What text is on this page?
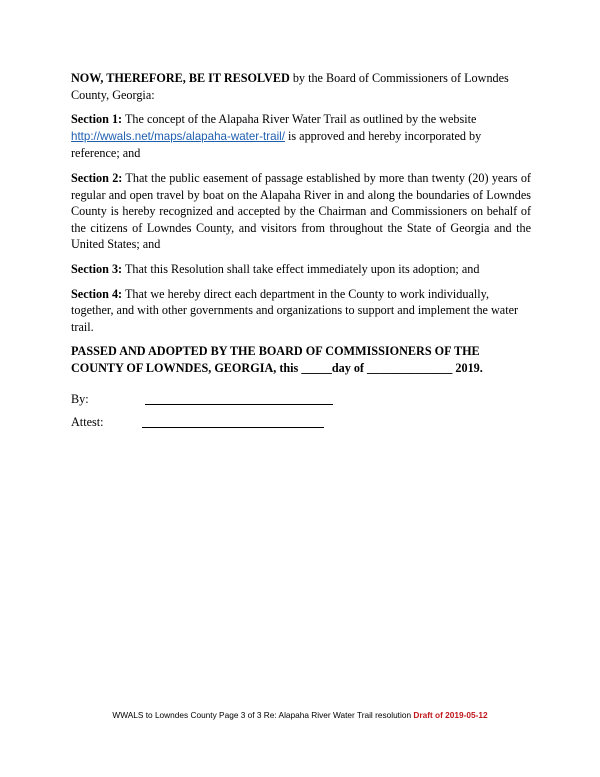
NOW, THEREFORE, BE IT RESOLVED by the Board of Commissioners of Lowndes County, Georgia:

Section 1: The concept of the Alapaha River Water Trail as outlined by the website http://wwals.net/maps/alapaha-water-trail/ is approved and hereby incorporated by reference; and

Section 2: That the public easement of passage established by more than twenty (20) years of regular and open travel by boat on the Alapaha River in and along the boundaries of Lowndes County is hereby recognized and accepted by the Chairman and Commissioners on behalf of the citizens of Lowndes County, and visitors from throughout the State of Georgia and the United States; and

Section 3: That this Resolution shall take effect immediately upon its adoption; and

Section 4: That we hereby direct each department in the County to work individually, together, and with other governments and organizations to support and implement the water trail.

PASSED AND ADOPTED BY THE BOARD OF COMMISSIONERS OF THE COUNTY OF LOWNDES, GEORGIA, this _____day of ______________ 2019.

By:
Attest:
WWALS to Lowndes County Page 3 of 3 Re: Alapaha River Water Trail resolution Draft of 2019-05-12
